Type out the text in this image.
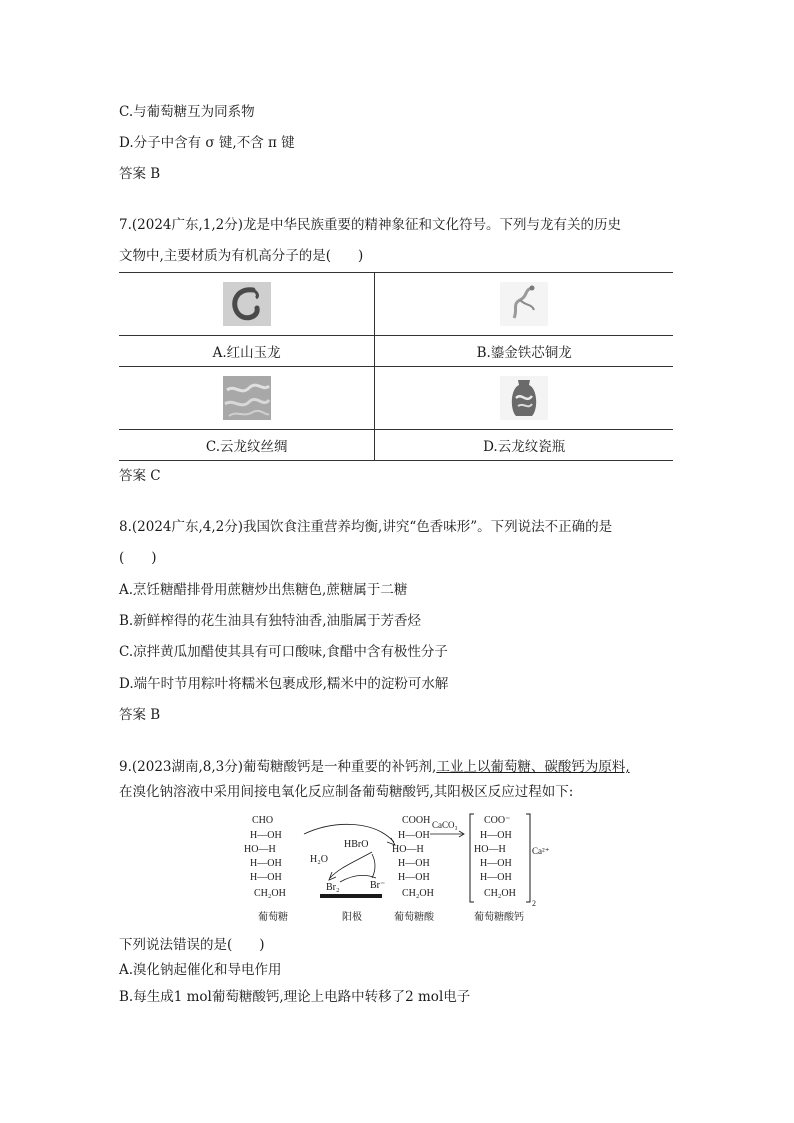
C.与葡萄糖互为同系物
D.分子中含有 σ 键,不含 π 键
答案 B
7.(2024广东,1,2分)龙是中华民族重要的精神象征和文化符号。下列与龙有关的历史
文物中,主要材质为有机高分子的是(　　)

A.红山玉龙	B.鎏金铁芯铜龙

C.云龙纹丝绸	D.云龙纹瓷瓶
答案 C
8.(2024广东,4,2分)我国饮食注重营养均衡,讲究“色香味形”。下列说法不正确的是
(　　)
A.烹饪糖醋排骨用蔗糖炒出焦糖色,蔗糖属于二糖
B.新鲜榨得的花生油具有独特油香,油脂属于芳香烃
C.凉拌黄瓜加醋使其具有可口酸味,食醋中含有极性分子
D.端午时节用粽叶将糯米包裹成形,糯米中的淀粉可水解
答案 B
9.(2023湖南,8,3分)葡萄糖酸钙是一种重要的补钙剂,工业上以葡萄糖、碳酸钙为原料,
在溴化钠溶液中采用间接电氧化反应制备葡萄糖酸钙,其阳极区反应过程如下:
CHO
H—OH
HO—H
H—OH
H—OH
CH₂OH
HBrO
H₂O
Br₂	Br⁻
COOH
H—OH
HO—H
H—OH
H—OH
CH₂OH
CaCO₃	COO⁻
H—OH
HO—H
H—OH
H—OH
CH₂OH
2
Ca²⁺
葡萄糖	阳极	葡萄糖酸	葡萄糖酸钙
下列说法错误的是(　　)
A.溴化钠起催化和导电作用
B.每生成1 mol葡萄糖酸钙,理论上电路中转移了2 mol电子
